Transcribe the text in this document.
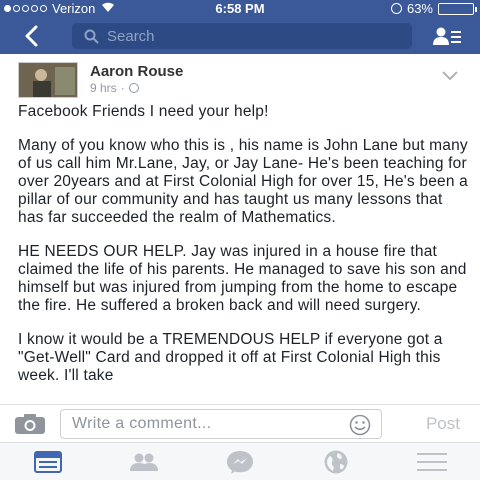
Verizon	6:58 PM	63%
Search
Aaron Rouse
9 hrs ·

Facebook Friends I need your help!

Many of you know who this is , his name is John Lane but many of us call him Mr.Lane, Jay, or Jay Lane- He's been teaching for over 20years and at First Colonial High for over 15, He's been a pillar of our community and has taught us many lessons that has far succeeded the realm of Mathematics.

HE NEEDS OUR HELP. Jay was injured in a house fire that claimed the life of his parents. He managed to save his son and himself but was injured from jumping from the home to escape the fire. He suffered a broken back and will need surgery.

I know it would be a TREMENDOUS HELP if everyone got a "Get-Well" Card and dropped it off at First Colonial High this week. I'll take

Write a comment...	Post
